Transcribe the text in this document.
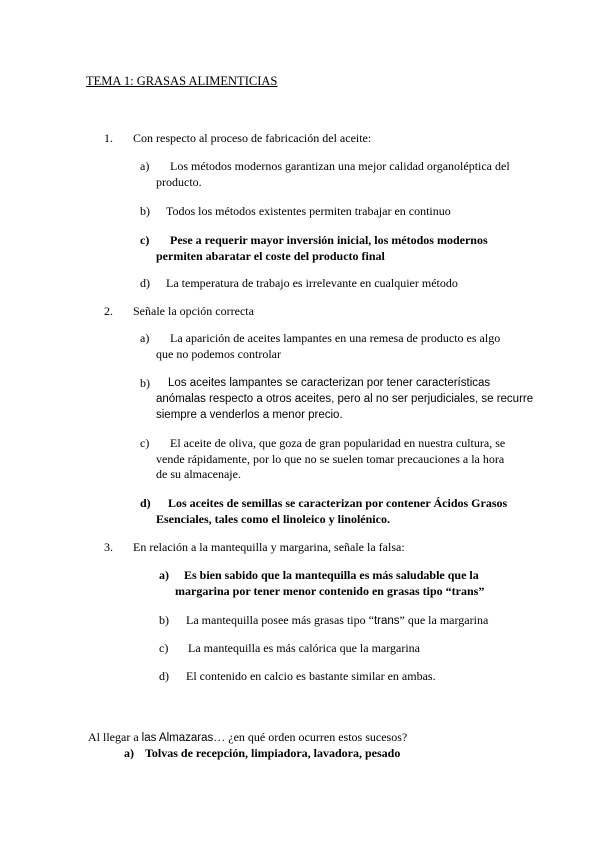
TEMA 1: GRASAS ALIMENTICIAS
1. Con respecto al proceso de fabricación del aceite:
a) Los métodos modernos garantizan una mejor calidad organoléptica del
producto.
b) Todos los métodos existentes permiten trabajar en continuo
c) Pese a requerir mayor inversión inicial, los métodos modernos
permiten abaratar el coste del producto final
d) La temperatura de trabajo es irrelevante en cualquier método
2. Señale la opción correcta
a) La aparición de aceites lampantes en una remesa de producto es algo
que no podemos controlar
b) Los aceites lampantes se caracterizan por tener características
anómalas respecto a otros aceites, pero al no ser perjudiciales, se recurre
siempre a venderlos a menor precio.
c) El aceite de oliva, que goza de gran popularidad en nuestra cultura, se
vende rápidamente, por lo que no se suelen tomar precauciones a la hora
de su almacenaje.
d) Los aceites de semillas se caracterizan por contener Ácidos Grasos
Esenciales, tales como el linoleico y linolénico.
3. En relación a la mantequilla y margarina, señale la falsa:
a) Es bien sabido que la mantequilla es más saludable que la
margarina por tener menor contenido en grasas tipo “trans”
b) La mantequilla posee más grasas tipo “trans” que la margarina
c) La mantequilla es más calórica que la margarina
d) El contenido en calcio es bastante similar en ambas.
Al llegar a las Almazaras… ¿en qué orden ocurren estos sucesos?
a) Tolvas de recepción, limpiadora, lavadora, pesado
